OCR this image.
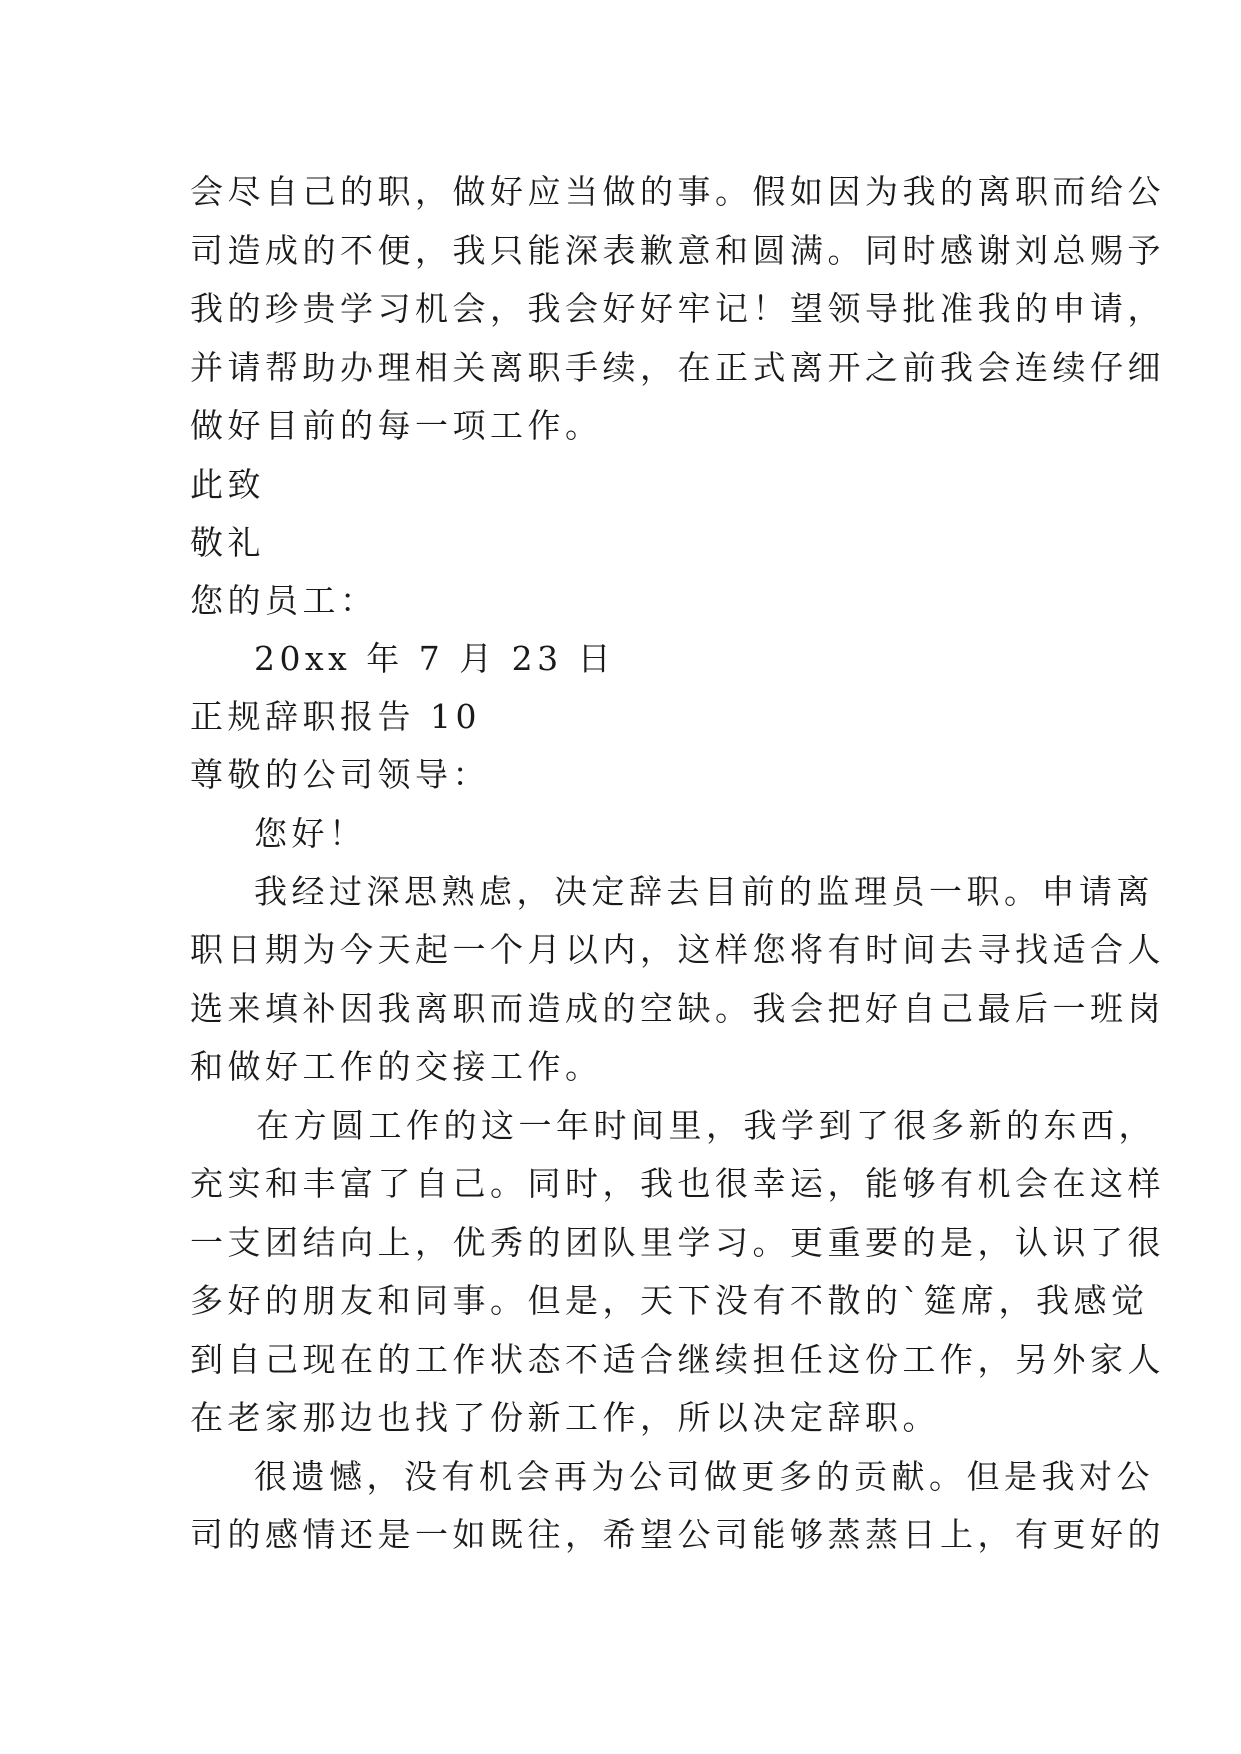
会尽自己的职，做好应当做的事。假如因为我的离职而给公
司造成的不便，我只能深表歉意和圆满。同时感谢刘总赐予
我的珍贵学习机会，我会好好牢记！望领导批准我的申请，
并请帮助办理相关离职手续，在正式离开之前我会连续仔细
做好目前的每一项工作。
此致
敬礼
您的员工：
20xx 年 7 月 23 日
正规辞职报告 10
尊敬的公司领导：
您好！
我经过深思熟虑，决定辞去目前的监理员一职。申请离
职日期为今天起一个月以内，这样您将有时间去寻找适合人
选来填补因我离职而造成的空缺。我会把好自己最后一班岗
和做好工作的交接工作。
在方圆工作的这一年时间里，我学到了很多新的东西，
充实和丰富了自己。同时，我也很幸运，能够有机会在这样
一支团结向上，优秀的团队里学习。更重要的是，认识了很
多好的朋友和同事。但是，天下没有不散的`筵席，我感觉
到自己现在的工作状态不适合继续担任这份工作，另外家人
在老家那边也找了份新工作，所以决定辞职。
很遗憾，没有机会再为公司做更多的贡献。但是我对公
司的感情还是一如既往，希望公司能够蒸蒸日上，有更好的
